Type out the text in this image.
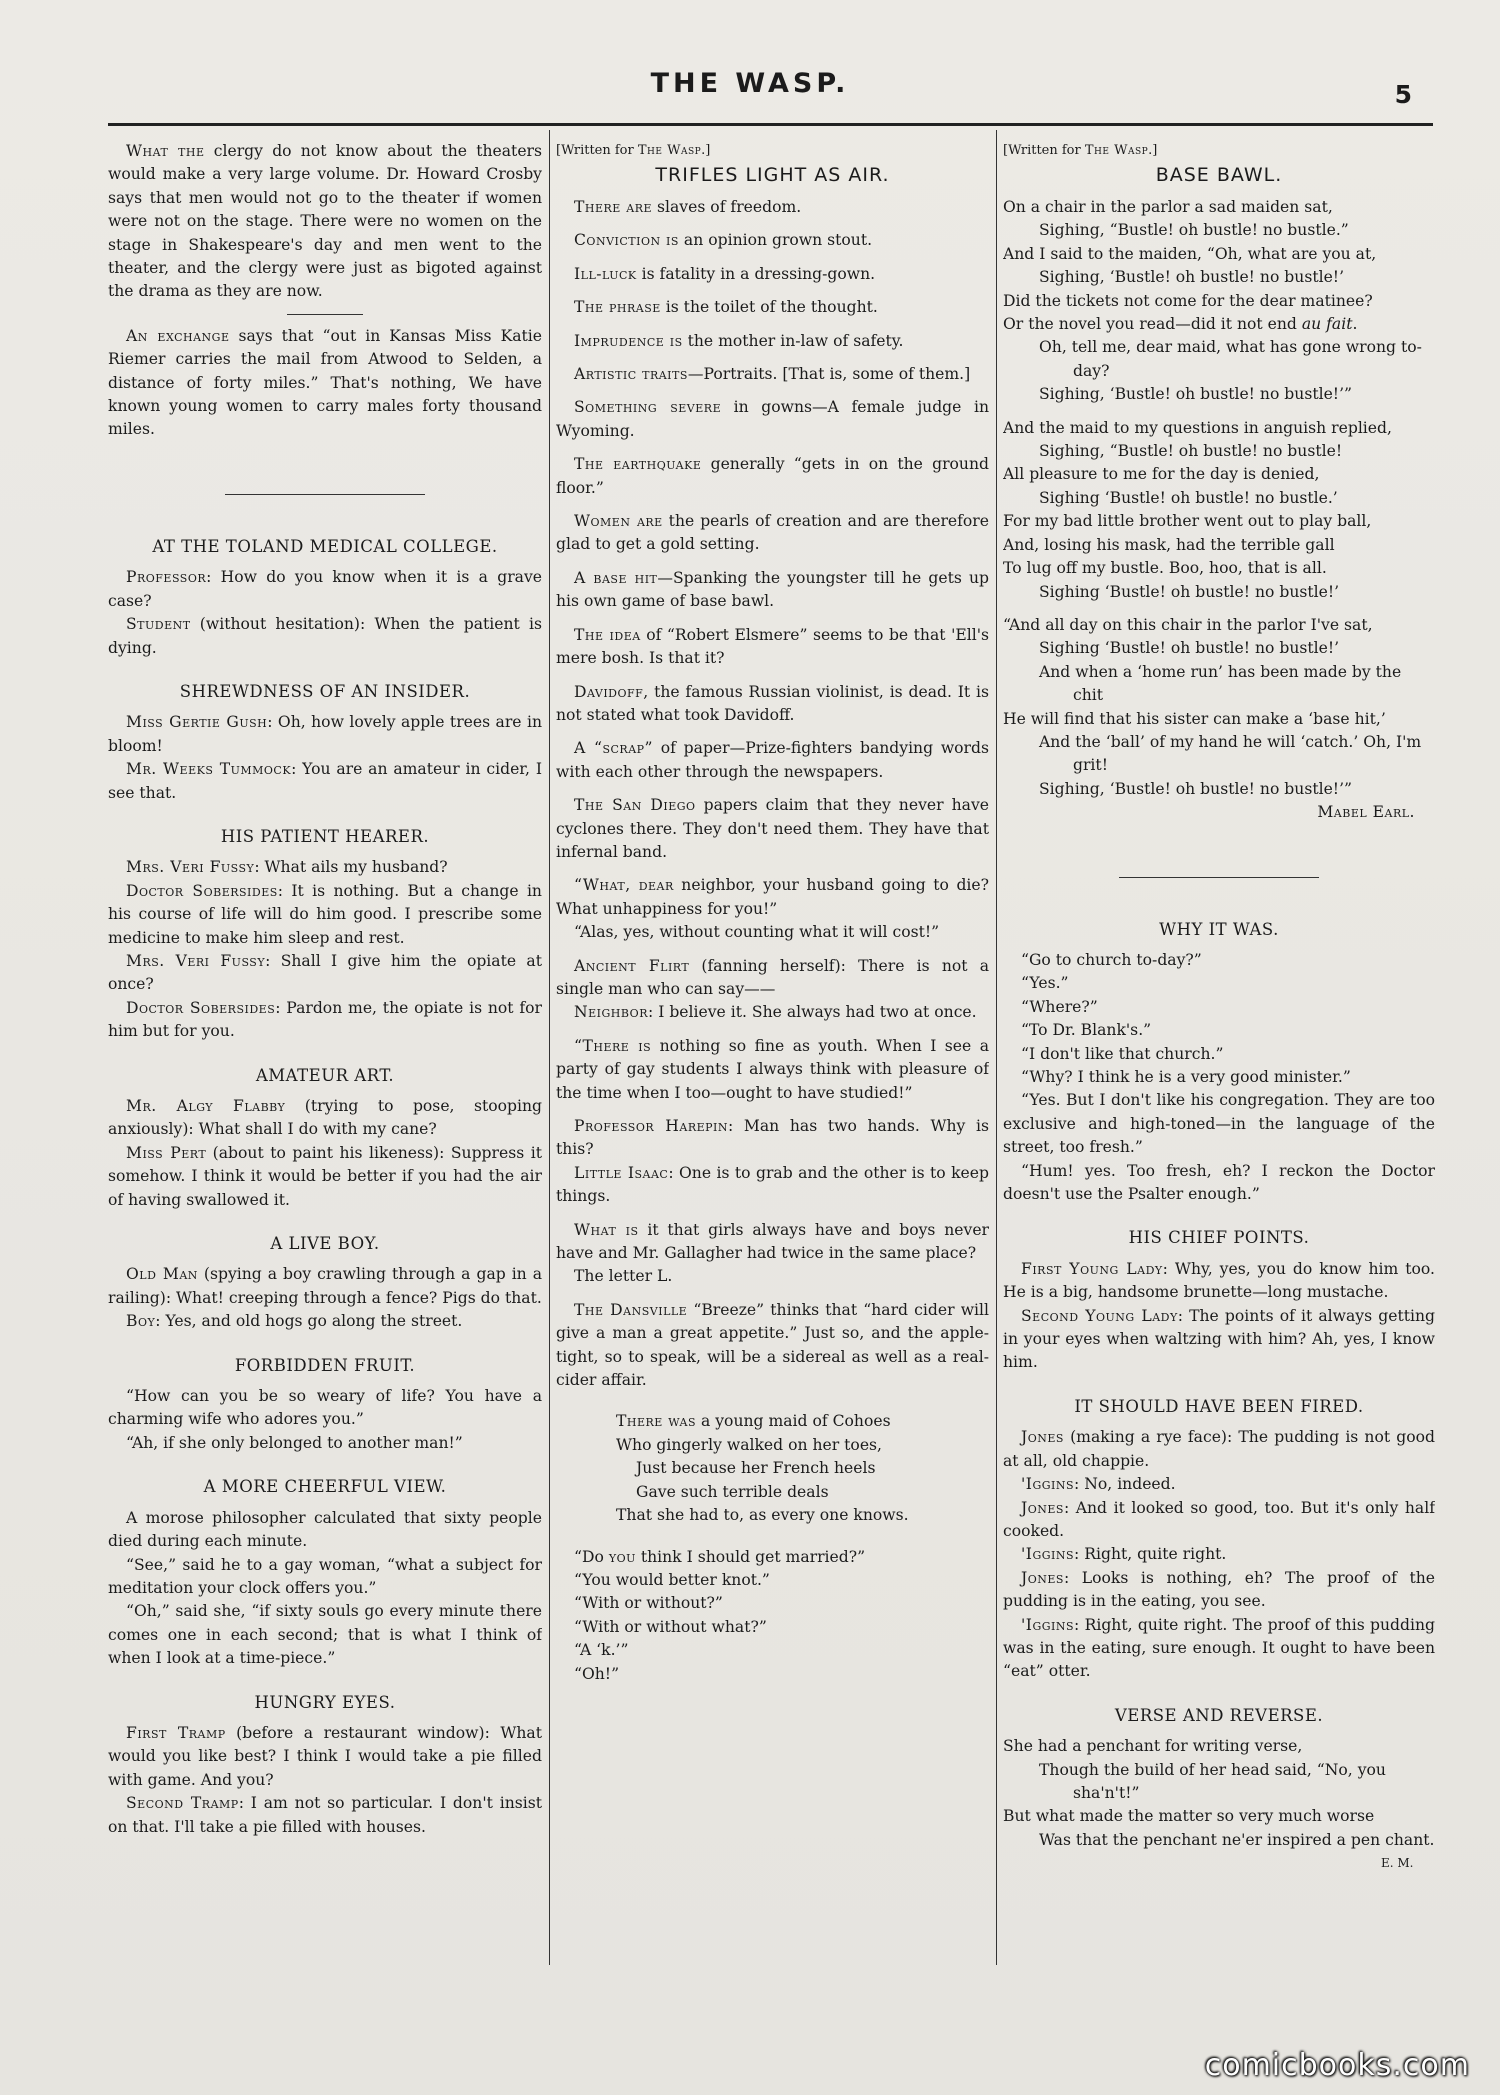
THE WASP.	5

What the clergy do not know about the theaters would make a very large volume. Dr. Howard Crosby says that men would not go to the theater if women were not on the stage. There were no women on the stage in Shakespeare's day and men went to the theater, and the clergy were just as bigoted against the drama as they are now.

An exchange says that “out in Kansas Miss Katie Riemer carries the mail from Atwood to Selden, a distance of forty miles.” That's nothing, We have known young women to carry males forty thousand miles.

AT THE TOLAND MEDICAL COLLEGE.

Professor: How do you know when it is a grave case?

Student (without hesitation): When the patient is dying.

SHREWDNESS OF AN INSIDER.

Miss Gertie Gush: Oh, how lovely apple trees are in bloom!

Mr. Weeks Tummock: You are an amateur in cider, I see that.

HIS PATIENT HEARER.

Mrs. Veri Fussy: What ails my husband?

Doctor Sobersides: It is nothing. But a change in his course of life will do him good. I prescribe some medicine to make him sleep and rest.

Mrs. Veri Fussy: Shall I give him the opiate at once?

Doctor Sobersides: Pardon me, the opiate is not for him but for you.

AMATEUR ART.

Mr. Algy Flabby (trying to pose, stooping anxiously): What shall I do with my cane?

Miss Pert (about to paint his likeness): Suppress it somehow. I think it would be better if you had the air of having swallowed it.

A LIVE BOY.

Old Man (spying a boy crawling through a gap in a railing): What! creeping through a fence? Pigs do that.

Boy: Yes, and old hogs go along the street.

FORBIDDEN FRUIT.

“How can you be so weary of life? You have a charming wife who adores you.”

“Ah, if she only belonged to another man!”

A MORE CHEERFUL VIEW.

A morose philosopher calculated that sixty people died during each minute.

“See,” said he to a gay woman, “what a subject for meditation your clock offers you.”

“Oh,” said she, “if sixty souls go every minute there comes one in each second; that is what I think of when I look at a time-piece.”

HUNGRY EYES.

First Tramp (before a restaurant window): What would you like best? I think I would take a pie filled with game. And you?

Second Tramp: I am not so particular. I don't insist on that. I'll take a pie filled with houses.

[Written for The Wasp.]

TRIFLES LIGHT AS AIR.

There are slaves of freedom.

Conviction is an opinion grown stout.

Ill-luck is fatality in a dressing-gown.

The phrase is the toilet of the thought.

Imprudence is the mother in-law of safety.

Artistic traits—Portraits. [That is, some of them.]

Something severe in gowns—A female judge in Wyoming.

The earthquake generally “gets in on the ground floor.”

Women are the pearls of creation and are therefore glad to get a gold setting.

A base hit—Spanking the youngster till he gets up his own game of base bawl.

The idea of “Robert Elsmere” seems to be that 'Ell's mere bosh. Is that it?

Davidoff, the famous Russian violinist, is dead. It is not stated what took Davidoff.

A “scrap” of paper—Prize-fighters bandying words with each other through the newspapers.

The San Diego papers claim that they never have cyclones there. They don't need them. They have that infernal band.

“What, dear neighbor, your husband going to die? What unhappiness for you!”

“Alas, yes, without counting what it will cost!”

Ancient Flirt (fanning herself): There is not a single man who can say——

Neighbor: I believe it. She always had two at once.

“There is nothing so fine as youth. When I see a party of gay students I always think with pleasure of the time when I too—ought to have studied!”

Professor Harepin: Man has two hands. Why is this?

Little Isaac: One is to grab and the other is to keep things.

What is it that girls always have and boys never have and Mr. Gallagher had twice in the same place?

The letter L.

The Dansville “Breeze” thinks that “hard cider will give a man a great appetite.” Just so, and the apple-tight, so to speak, will be a sidereal as well as a real-cider affair.

There was a young maid of Cohoes

Who gingerly walked on her toes,

Just because her French heels

Gave such terrible deals

That she had to, as every one knows.

“Do you think I should get married?”

“You would better knot.”

“With or without?”

“With or without what?”

“A ‘k.’”

“Oh!”

[Written for The Wasp.]

BASE BAWL.

On a chair in the parlor a sad maiden sat,

Sighing, “Bustle! oh bustle! no bustle.”

And I said to the maiden, “Oh, what are you at,

Sighing, ‘Bustle! oh bustle! no bustle!’

Did the tickets not come for the dear matinee?

Or the novel you read—did it not end au fait.

Oh, tell me, dear maid, what has gone wrong to-day?

Sighing, ‘Bustle! oh bustle! no bustle!’”

And the maid to my questions in anguish replied,

Sighing, “Bustle! oh bustle! no bustle!

All pleasure to me for the day is denied,

Sighing ‘Bustle! oh bustle! no bustle.’

For my bad little brother went out to play ball,

And, losing his mask, had the terrible gall

To lug off my bustle. Boo, hoo, that is all.

Sighing ‘Bustle! oh bustle! no bustle!’

“And all day on this chair in the parlor I've sat,

Sighing ‘Bustle! oh bustle! no bustle!’

And when a ‘home run’ has been made by the chit

He will find that his sister can make a ‘base hit,’

And the ‘ball’ of my hand he will ‘catch.’ Oh, I'm grit!

Sighing, ‘Bustle! oh bustle! no bustle!’”

Mabel Earl.

WHY IT WAS.

“Go to church to-day?”

“Yes.”

“Where?”

“To Dr. Blank's.”

“I don't like that church.”

“Why? I think he is a very good minister.”

“Yes. But I don't like his congregation. They are too exclusive and high-toned—in the language of the street, too fresh.”

“Hum! yes. Too fresh, eh? I reckon the Doctor doesn't use the Psalter enough.”

HIS CHIEF POINTS.

First Young Lady: Why, yes, you do know him too. He is a big, handsome brunette—long mustache.

Second Young Lady: The points of it always getting in your eyes when waltzing with him? Ah, yes, I know him.

IT SHOULD HAVE BEEN FIRED.

Jones (making a rye face): The pudding is not good at all, old chappie.

'Iggins: No, indeed.

Jones: And it looked so good, too. But it's only half cooked.

'Iggins: Right, quite right.

Jones: Looks is nothing, eh? The proof of the pudding is in the eating, you see.

'Iggins: Right, quite right. The proof of this pudding was in the eating, sure enough. It ought to have been “eat” otter.

VERSE AND REVERSE.

She had a penchant for writing verse,

Though the build of her head said, “No, you sha'n't!”

But what made the matter so very much worse

Was that the penchant ne'er inspired a pen chant.
E. M.

comicbooks.com
